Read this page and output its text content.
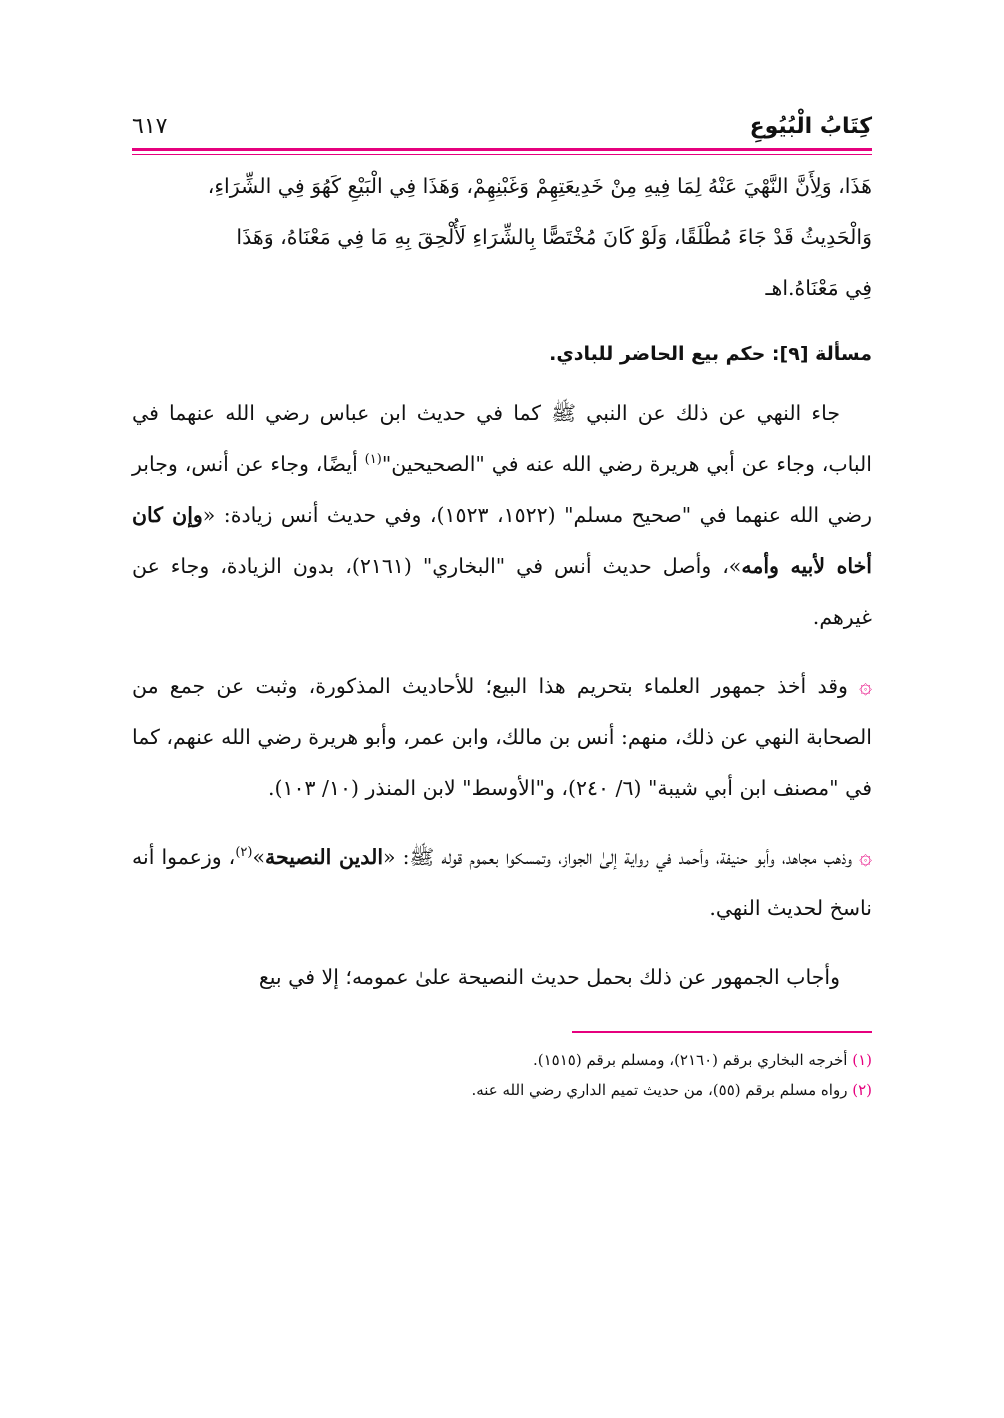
كِتَابُ الْبُيُوعِ
٦١٧

هَذَا، وَلِأَنَّ النَّهْيَ عَنْهُ لِمَا فِيهِ مِنْ خَدِيعَتِهِمْ وَغَبْنِهِمْ، وَهَذَا فِي الْبَيْعِ كَهُوَ فِي الشِّرَاءِ،

وَالْحَدِيثُ قَدْ جَاءَ مُطْلَقًا، وَلَوْ كَانَ مُخْتَصًّا بِالشِّرَاءِ لَأُلْحِقَ بِهِ مَا فِي مَعْنَاهُ، وَهَذَا

فِي مَعْنَاهُ.اهـ

مسألة [٩]: حكم بيع الحاضر للبادي.

جاء النهي عن ذلك عن النبي ﷺ كما في حديث ابن عباس رضي الله عنهما في الباب، وجاء عن أبي هريرة رضي الله عنه في "الصحيحين"$^{(١)}$ أيضًا، وجاء عن أنس، وجابر رضي الله عنهما في "صحيح مسلم" (١٥٢٢، ١٥٢٣)، وفي حديث أنس زيادة: «وإن كان أخاه لأبيه وأمه»، وأصل حديث أنس في "البخاري" (٢١٦١)، بدون الزيادة، وجاء عن غيرهم.

۞ وقد أخذ جمهور العلماء بتحريم هذا البيع؛ للأحاديث المذكورة، وثبت عن جمع من الصحابة النهي عن ذلك، منهم: أنس بن مالك، وابن عمر، وأبو هريرة رضي الله عنهم، كما في "مصنف ابن أبي شيبة" (٦/ ٢٤٠)، و"الأوسط" لابن المنذر (١٠/ ١٠٣).

۞ وذهب مجاهد، وأبو حنيفة، وأحمد في رواية إلىٰ الجواز، وتمسكوا بعموم قوله ﷺ: «الدين النصيحة»$^{(٢)}$، وزعموا أنه ناسخ لحديث النهي.

وأجاب الجمهور عن ذلك بحمل حديث النصيحة علىٰ عمومه؛ إلا في بيع

(١) أخرجه البخاري برقم (٢١٦٠)، ومسلم برقم (١٥١٥).
(٢) رواه مسلم برقم (٥٥)، من حديث تميم الداري رضي الله عنه.
